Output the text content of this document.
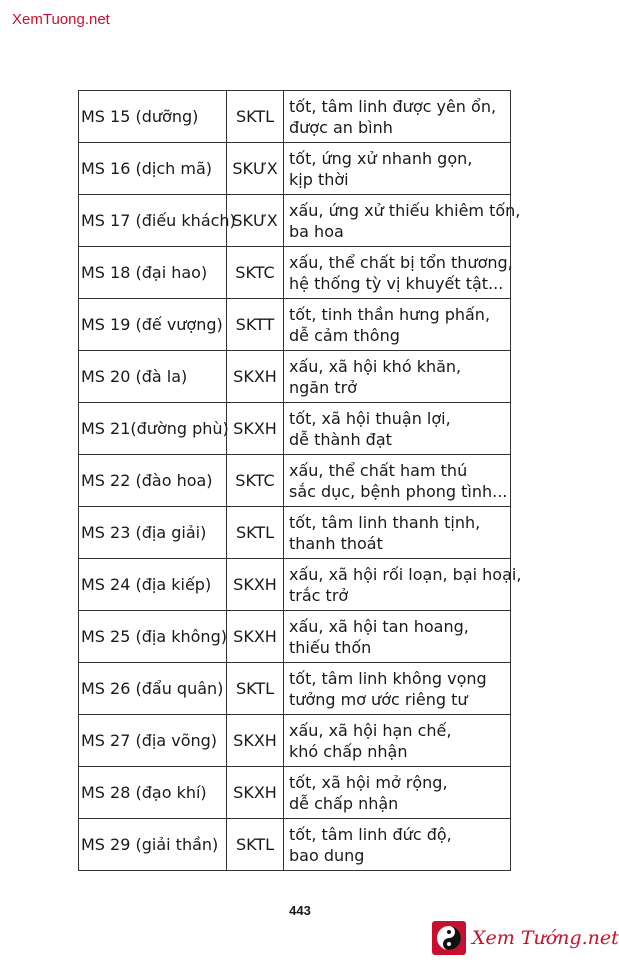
XemTuong.net
MS 15 (dưỡng)	SKTL	tốt, tâm linh được yên ổn,
được an bình

MS 16 (dịch mã)	SKƯX	tốt, ứng xử nhanh gọn,
kịp thời

MS 17 (điếu khách)	SKƯX	xấu, ứng xử thiếu khiêm tốn,
ba hoa

MS 18 (đại hao)	SKTC	xấu, thể chất bị tổn thương,
hệ thống tỳ vị khuyết tật...

MS 19 (đế vượng)	SKTT	tốt, tinh thần hưng phấn,
dễ cảm thông

MS 20 (đà la)	SKXH	xấu, xã hội khó khăn,
ngăn trở

MS 21(đường phù)	SKXH	tốt, xã hội thuận lợi,
dễ thành đạt

MS 22 (đào hoa)	SKTC	xấu, thể chất ham thú
sắc dục, bệnh phong tình...

MS 23 (địa giải)	SKTL	tốt, tâm linh thanh tịnh,
thanh thoát

MS 24 (địa kiếp)	SKXH	xấu, xã hội rối loạn, bại hoại,
trắc trở

MS 25 (địa không)	SKXH	xấu, xã hội tan hoang,
thiếu thốn

MS 26 (đẩu quân)	SKTL	tốt, tâm linh không vọng
tưởng mơ ước riêng tư

MS 27 (địa võng)	SKXH	xấu, xã hội hạn chế,
khó chấp nhận

MS 28 (đạo khí)	SKXH	tốt, xã hội mở rộng,
dễ chấp nhận

MS 29 (giải thần)	SKTL	tốt, tâm linh đức độ,
bao dung
443
Xem Tướng.net
